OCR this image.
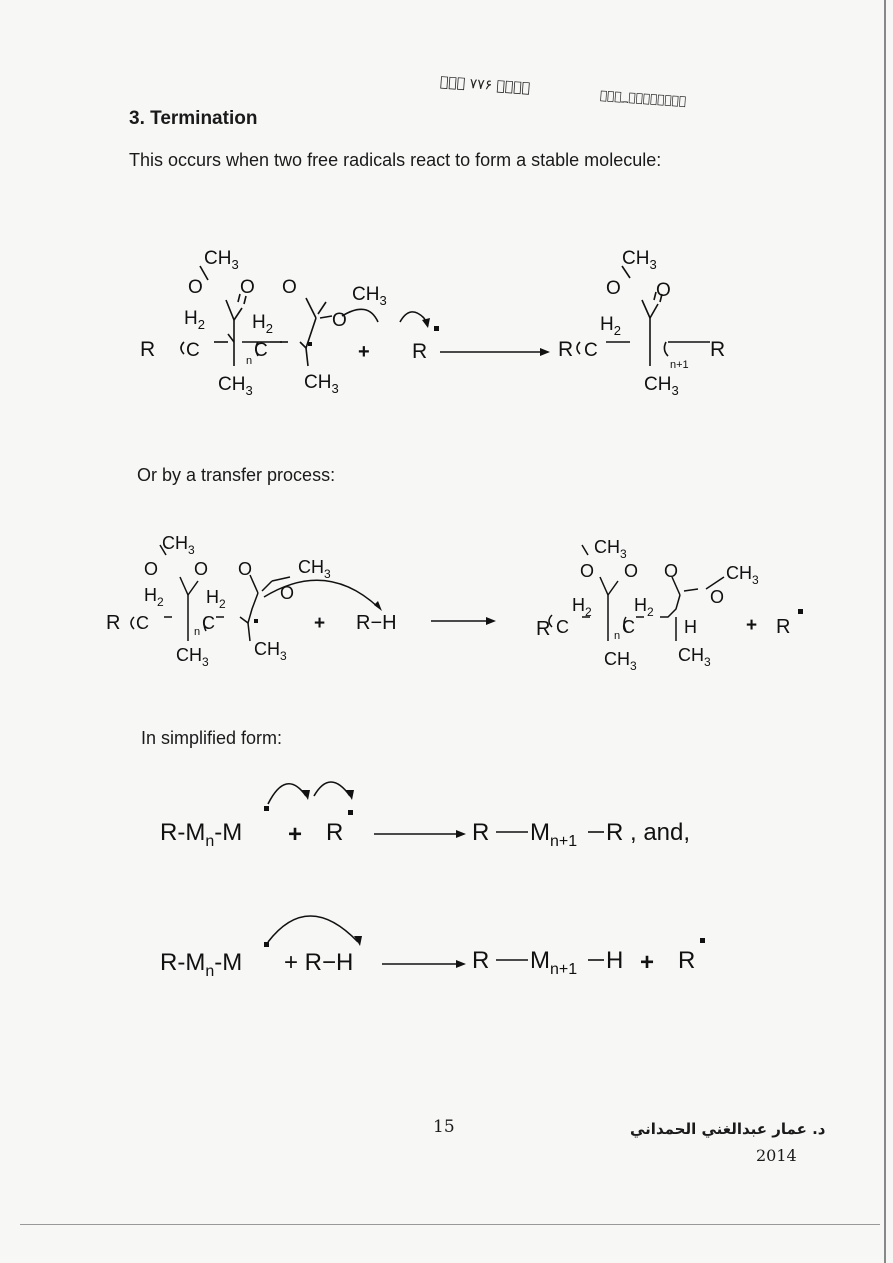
ہؔ؁ؔ ۷۷۶ ؁ؔؔ
؁ؔؔ؁؁ؔ؁ؔؔؔ؁ؔ
3. Termination
This occurs when two free radicals react to form a stable molecule:
$CH_3$
O O O	$CH_3$
O
$H_2$ $H_2$
R C	n C
$CH_3$	$CH_3$
+ R
$CH_3$
O O
$H_2$
R C
n+1
R
$CH_3$
Or by a transfer process:
$CH_3$
O O O	$CH_3$
O
$H_2$ $H_2$
R C	n C
$CH_3$
$CH_3$
+ R−H
$CH_3$
O O O	$CH_3$
O
$H_2$ $H_2$
R C	n C	H
$CH_3$
$CH_3$
+ R
In simplified form:
$R-M_n-M + R$	R $M_{n+1}$ R , and,
$R-M_n-M + R-H$	R $M_{n+1}$ H + R
15	د. عمار عبدالغني الحمداني
2014
